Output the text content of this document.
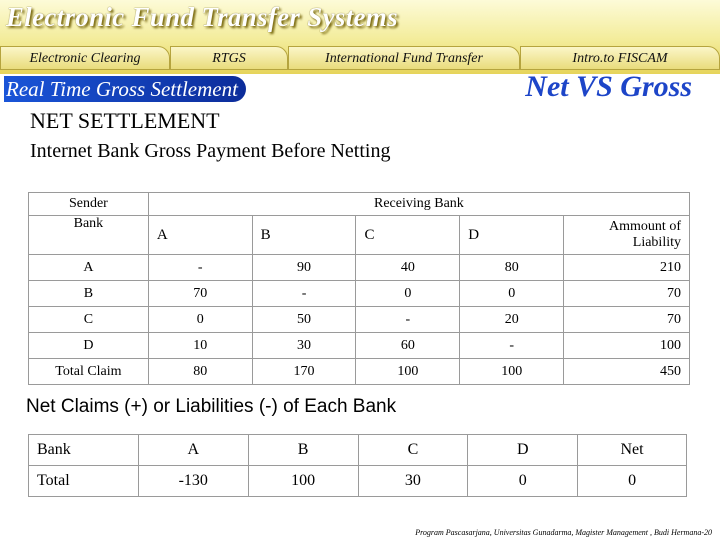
Electronic Fund Transfer Systems
Electronic Clearing	RTGS	International Fund Transfer	Intro.to FISCAM
Real Time Gross Settlement	Net VS Gross
NET SETTLEMENT
Internet Bank Gross Payment Before Netting
Sender	Receiving Bank				
Bank	A	B	C	D	Ammount of Liability
A	-	90	40	80	210
B	70	-	0	0	70
C	0	50	-	20	70
D	10	30	60	-	100
Total Claim	80	170	100	100	450
Net Claims (+) or Liabilities (-) of Each Bank
Bank	A	B	C	D	Net
Total	-130	100	30	0	0
Program Pascasarjana, Universitas Gunadarma, Magister Management , Budi Hermana-20
